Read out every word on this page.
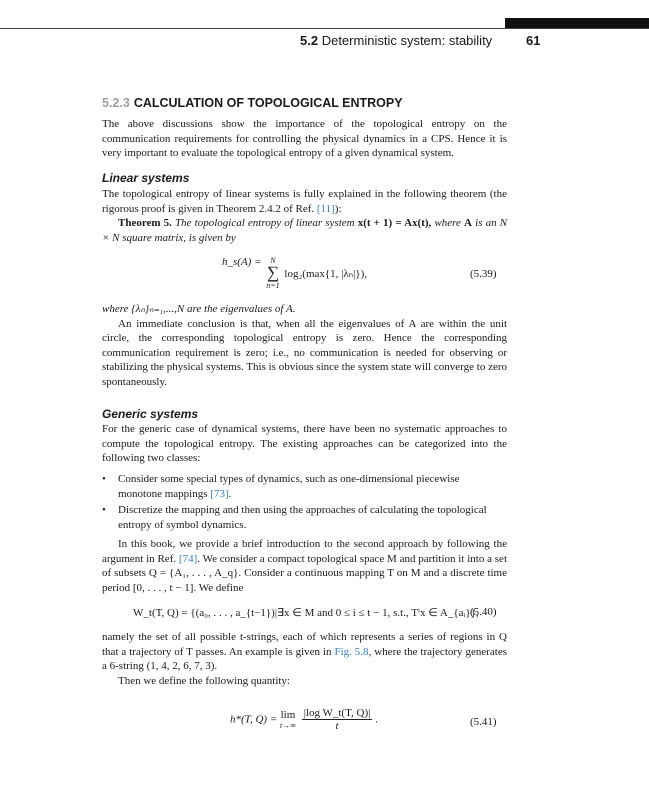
5.2 Deterministic system: stability	61
5.2.3 CALCULATION OF TOPOLOGICAL ENTROPY

The above discussions show the importance of the topological entropy on the communication requirements for controlling the physical dynamics in a CPS. Hence it is very important to evaluate the topological entropy of a given dynamical system.

Linear systems

The topological entropy of linear systems is fully explained in the following theorem (the rigorous proof is given in Theorem 2.4.2 of Ref. [11]):

Theorem 5. The topological entropy of linear system x(t + 1) = Ax(t), where A is an N × N square matrix, is given by

h_s(A) =	N
∑
n=1
log₂(max{1, |λₙ|}),	(5.39)

where {λₙ}ₙ₌₁,...,N are the eigenvalues of A.

An immediate conclusion is that, when all the eigenvalues of A are within the unit circle, the corresponding topological entropy is zero. Hence the corresponding communication requirement is zero; i.e., no communication is needed for observing or stabilizing the physical systems. This is obvious since the system state will converge to zero spontaneously.

Generic systems

For the generic case of dynamical systems, there have been no systematic approaches to compute the topological entropy. The existing approaches can be categorized into the following two classes:

• Consider some special types of dynamics, such as one-dimensional piecewise monotone mappings [73].
• Discretize the mapping and then using the approaches of calculating the topological entropy of symbol dynamics.

In this book, we provide a brief introduction to the second approach by following the argument in Ref. [74]. We consider a compact topological space M and partition it into a set of subsets Q = {A₁, . . . , A_q}. Consider a continuous mapping T on M and a discrete time period [0, . . . , t − 1]. We define

W_t(T, Q) = {(a₀, . . . , a_{t−1})|∃x ∈ M and 0 ≤ i ≤ t − 1, s.t., Tⁱx ∈ A_{aᵢ}},
(5.40)

namely the set of all possible t-strings, each of which represents a series of regions in Q that a trajectory of T passes. An example is given in Fig. 5.8, where the trajectory generates a 6-string (1, 4, 2, 6, 7, 3).

Then we define the following quantity:

h*(T, Q) = lim
t→∞
$\frac{\text{|log W\_t(T, Q)|}}{t}$ .	(5.41)
